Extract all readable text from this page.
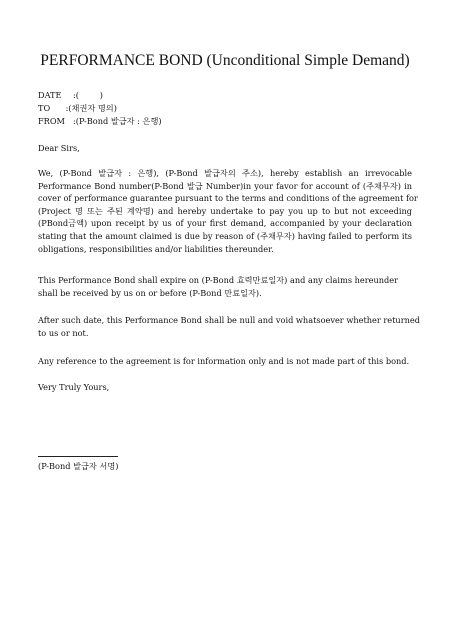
PERFORMANCE BOND (Unconditional Simple Demand)
DATE :(        )
TO :(채권자 명의)
FROM :(P-Bond 발급자 : 은행)
Dear Sirs,
We, (P-Bond 발급자 : 은행), (P-Bond 발급자의 주소), hereby establish an irrevocable
Performance Bond number(P-Bond 발급 Number)in your favor for account of (주채무자) in
cover of performance guarantee pursuant to the terms and conditions of the agreement for
(Project 명 또는 주된 계약명) and hereby undertake to pay you up to but not exceeding
(PBond금액) upon receipt by us of your first demand, accompanied by your declaration
stating that the amount claimed is due by reason of (주채무자) having failed to perform its
obligations, responsibilities and/or liabilities thereunder.
This Performance Bond shall expire on (P-Bond 효력만료일자) and any claims hereunder
shall be received by us on or before (P-Bond 만료일자).
After such date, this Performance Bond shall be null and void whatsoever whether returned
to us or not.
Any reference to the agreement is for information only and is not made part of this bond.
Very Truly Yours,
(P-Bond 발급자 서명)
